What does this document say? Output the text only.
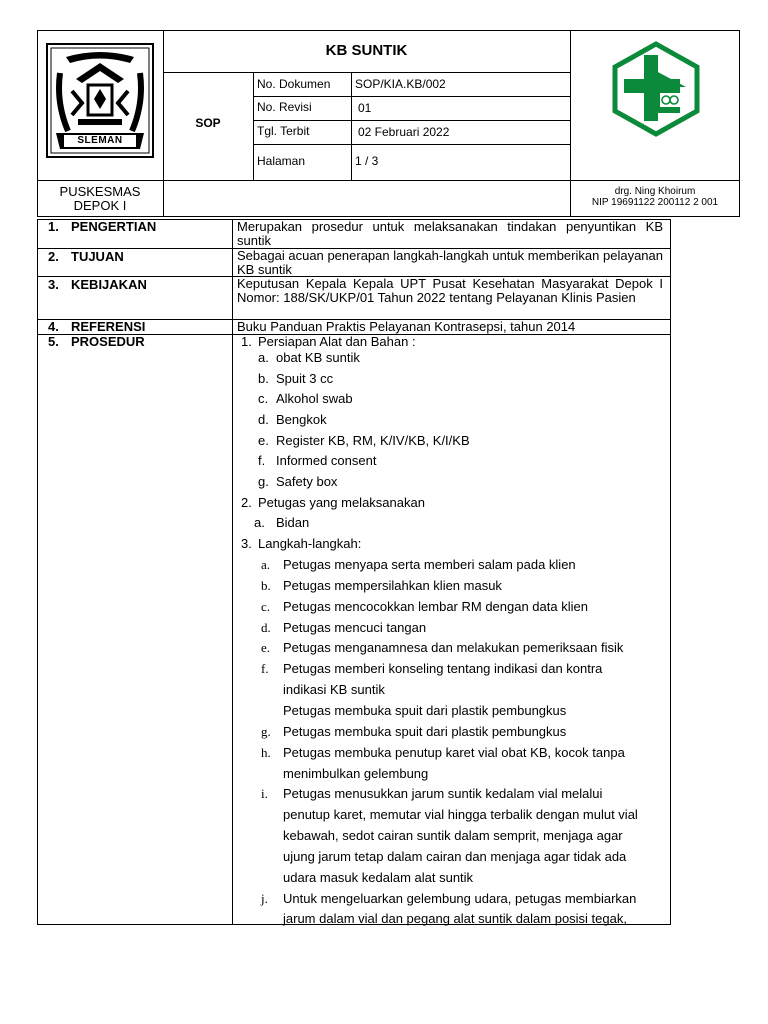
SLEMAN
KB SUNTIK
SOP
No. Dokumen SOP/KIA.KB/002
No. Revisi	01
Tgl. Terbit	02 Februari 2022
Halaman	1 / 3
PUSKESMAS
DEPOK I
drg. Ning Khoirum
NIP 19691122 200112 2 001
1. PENGERTIAN	Merupakan prosedur untuk melaksanakan tindakan penyuntikan KB suntik
2. TUJUAN	Sebagai acuan penerapan langkah-langkah untuk memberikan pelayanan KB suntik
3. KEBIJAKAN	Keputusan Kepala Kepala UPT Pusat Kesehatan Masyarakat Depok I Nomor: 188/SK/UKP/01 Tahun 2022 tentang Pelayanan Klinis Pasien
4. REFERENSI	Buku Panduan Praktis Pelayanan Kontrasepsi, tahun 2014
5. PROSEDUR	1. Persiapan Alat dan Bahan :
a. obat KB suntik
b. Spuit 3 cc
c. Alkohol swab
d. Bengkok
e. Register KB, RM, K/IV/KB, K/I/KB
f. Informed consent
g. Safety box
2. Petugas yang melaksanakan
a. Bidan
3. Langkah-langkah:
a. Petugas menyapa serta memberi salam pada klien
b. Petugas mempersilahkan klien masuk
c. Petugas mencocokkan lembar RM dengan data klien
d. Petugas mencuci tangan
e. Petugas menganamnesa dan melakukan pemeriksaan fisik
f. Petugas memberi konseling tentang indikasi dan kontra
indikasi KB suntik
Petugas membuka spuit dari plastik pembungkus
g. Petugas membuka spuit dari plastik pembungkus
h. Petugas membuka penutup karet vial obat KB, kocok tanpa
menimbulkan gelembung
i. Petugas menusukkan jarum suntik kedalam vial melalui
penutup karet, memutar vial hingga terbalik dengan mulut vial
kebawah, sedot cairan suntik dalam semprit, menjaga agar
ujung jarum tetap dalam cairan dan menjaga agar tidak ada
udara masuk kedalam alat suntik
j. Untuk mengeluarkan gelembung udara, petugas membiarkan
jarum dalam vial dan pegang alat suntik dalam posisi tegak,
